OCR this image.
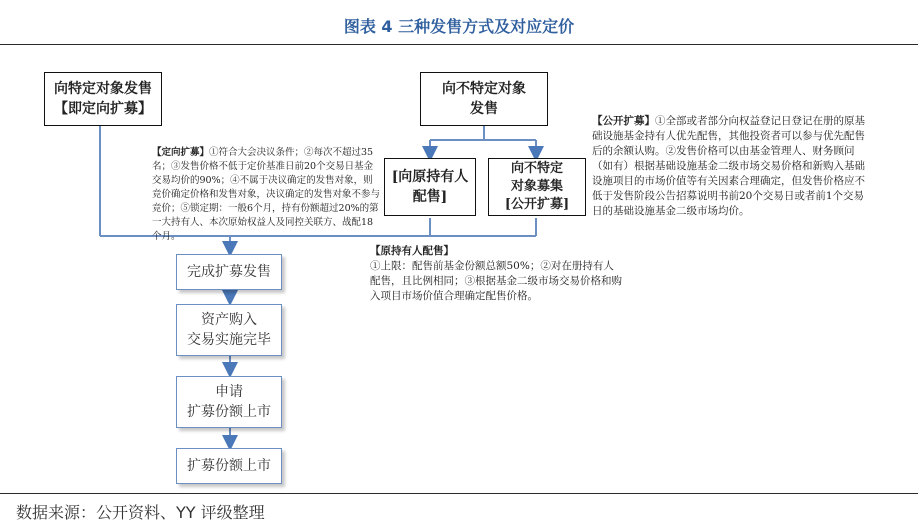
图表 4 三种发售方式及对应定价
向特定对象发售
【即定向扩募】
向不特定对象
发售
[向原持有人
配售]
向不特定
对象募集
[公开扩募]
完成扩募发售
资产购入
交易实施完毕
申请
扩募份额上市
扩募份额上市
【定向扩募】①符合大会决议条件；②每次不超过35名；③发售价格不低于定价基准日前20个交易日基金交易均价的90%；④不属于决议确定的发售对象，则竞价确定价格和发售对象，决议确定的发售对象不参与竞价；⑤锁定期：一般6个月，持有份额超过20%的第一大持有人、本次原始权益人及同控关联方、战配18个月。
【公开扩募】①全部或者部分向权益登记日登记在册的原基础设施基金持有人优先配售，其他投资者可以参与优先配售后的余额认购。②发售价格可以由基金管理人、财务顾问（如有）根据基础设施基金二级市场交易价格和新购入基础设施项目的市场价值等有关因素合理确定，但发售价格应不低于发售阶段公告招募说明书前20个交易日或者前1个交易日的基础设施基金二级市场均价。
【原持有人配售】
①上限：配售前基金份额总额50%；②对在册持有人配售，且比例相同；③根据基金二级市场交易价格和购入项目市场价值合理确定配售价格。
数据来源：公开资料、YY 评级整理
